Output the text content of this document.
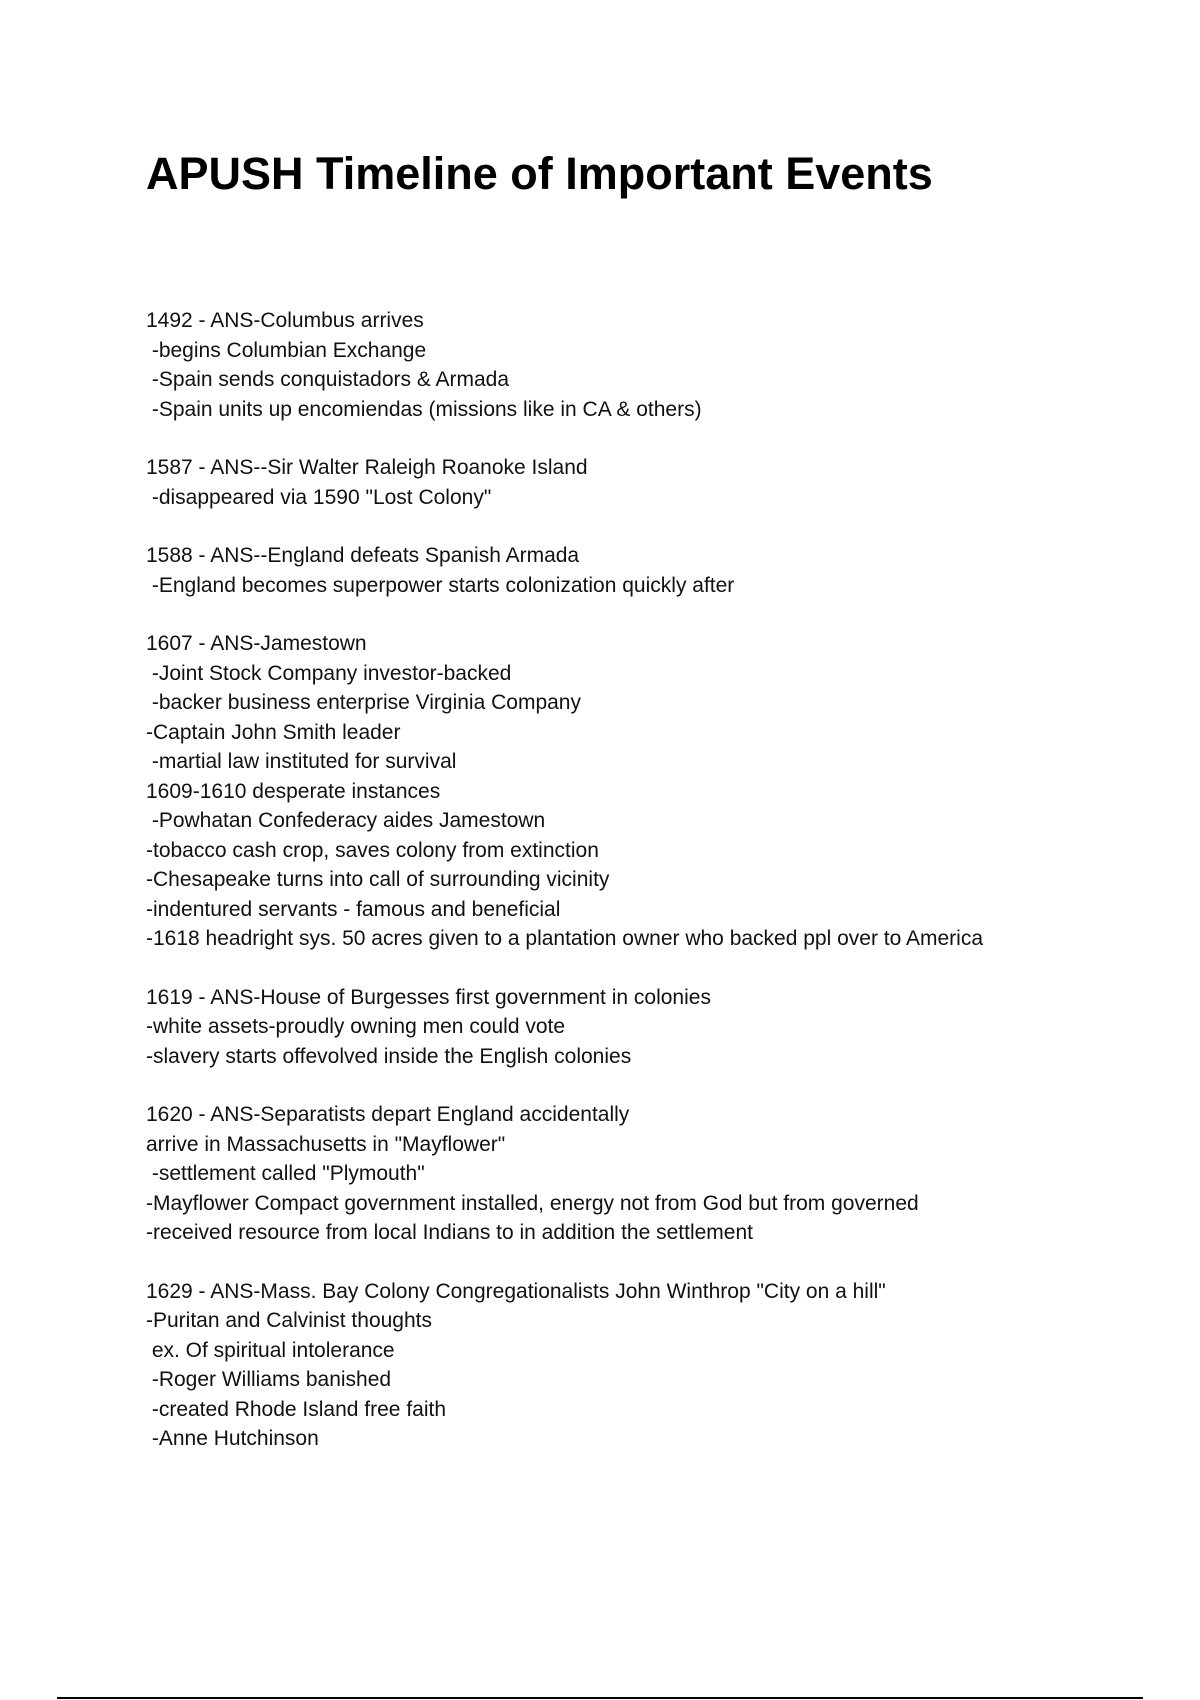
APUSH Timeline of Important Events
1492 - ANS-Columbus arrives
-begins Columbian Exchange
-Spain sends conquistadors & Armada
-Spain units up encomiendas (missions like in CA & others)
1587 - ANS--Sir Walter Raleigh Roanoke Island
-disappeared via 1590 "Lost Colony"
1588 - ANS--England defeats Spanish Armada
-England becomes superpower starts colonization quickly after
1607 - ANS-Jamestown
-Joint Stock Company investor-backed
-backer business enterprise Virginia Company
-Captain John Smith leader
-martial law instituted for survival
1609-1610 desperate instances
-Powhatan Confederacy aides Jamestown
-tobacco cash crop, saves colony from extinction
-Chesapeake turns into call of surrounding vicinity
-indentured servants - famous and beneficial
-1618 headright sys. 50 acres given to a plantation owner who backed ppl over to America
1619 - ANS-House of Burgesses first government in colonies
-white assets-proudly owning men could vote
-slavery starts offevolved inside the English colonies
1620 - ANS-Separatists depart England accidentally
arrive in Massachusetts in "Mayflower"
-settlement called "Plymouth"
-Mayflower Compact government installed, energy not from God but from governed
-received resource from local Indians to in addition the settlement
1629 - ANS-Mass. Bay Colony Congregationalists John Winthrop "City on a hill"
-Puritan and Calvinist thoughts
ex. Of spiritual intolerance
-Roger Williams banished
-created Rhode Island free faith
-Anne Hutchinson
